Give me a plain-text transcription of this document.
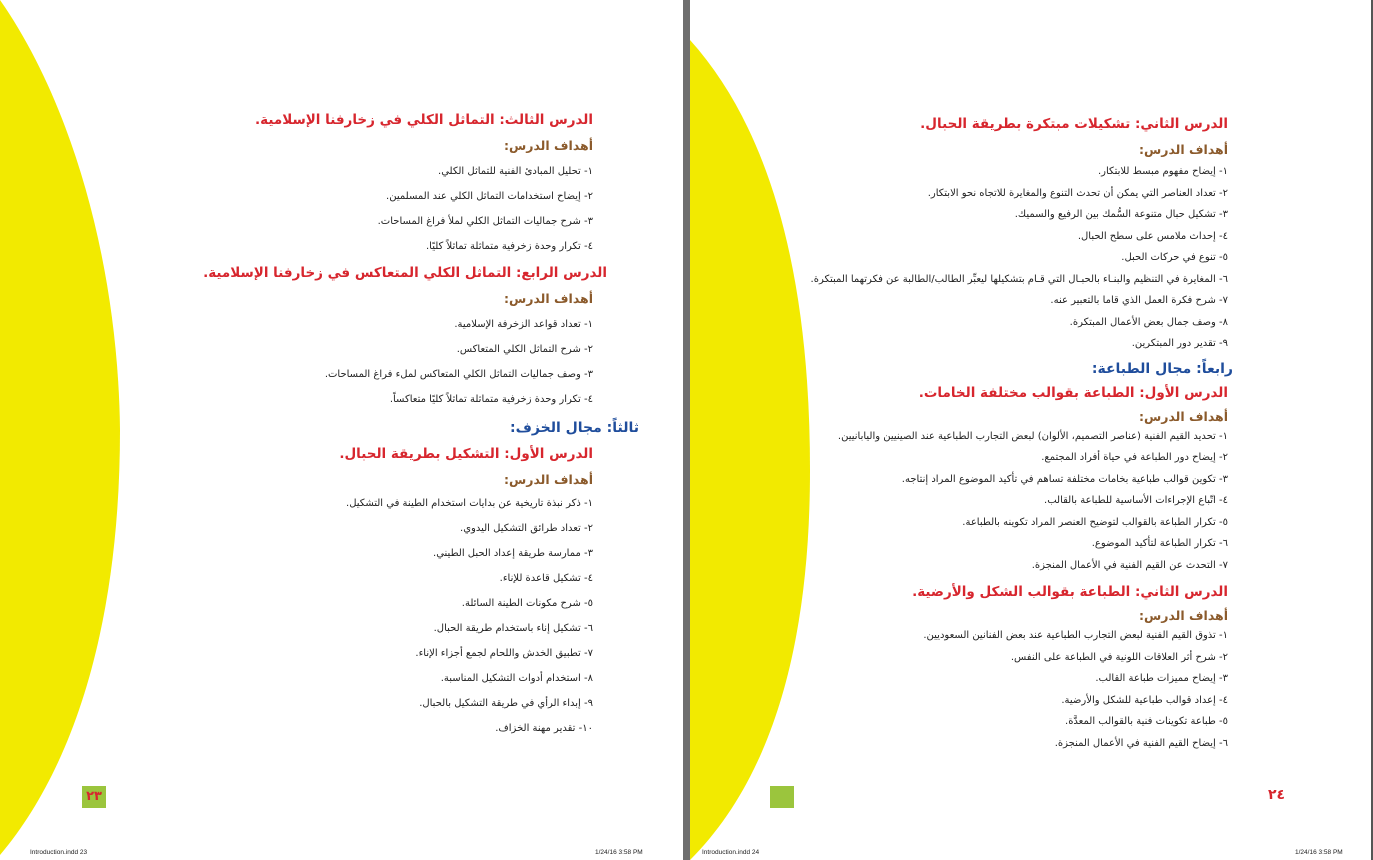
الدرس الثالث: التماثل الكلي في زخارفنا الإسلامية.
أهداف الدرس:
١- تحليل المبادئ الفنية للتماثل الكلي.
٢- إيضاح استخدامات التماثل الكلي عند المسلمين.
٣- شرح جماليات التماثل الكلي لملأ فراغ المساحات.
٤- تكرار وحدة زخرفية متماثلة تماثلاً كليًا.
الدرس الرابع: التماثل الكلي المتعاكس في زخارفنا الإسلامية.
أهداف الدرس:
١- تعداد قواعد الزخرفة الإسلامية.
٢- شرح التماثل الكلي المتعاكس.
٣- وصف جماليات التماثل الكلي المتعاكس لملء فراغ المساحات.
٤- تكرار وحدة زخرفية متماثلة تماثلاً كليًا متعاكساً.
ثالثاً: مجال الخزف:
الدرس الأول: التشكيل بطريقة الحبال.
أهداف الدرس:
١- ذكر نبذة تاريخية عن بدايات استخدام الطينة في التشكيل.
٢- تعداد طرائق التشكيل اليدوي.
٣- ممارسة طريقة إعداد الحبل الطيني.
٤- تشكيل قاعدة للإناء.
٥- شرح مكونات الطينة السائلة.
٦- تشكيل إناء باستخدام طريقة الحبال.
٧- تطبيق الخدش واللحام لجمع أجزاء الإناء.
٨- استخدام أدوات التشكيل المناسبة.
٩- إبداء الرأي في طريقة التشكيل بالحبال.
١٠- تقدير مهنة الخزاف.
٢٣
Introduction.indd 23	1/24/16 3:58 PM
الدرس الثاني: تشكيلات مبتكرة بطريقة الحبال.
أهداف الدرس:
١- إيضاح مفهوم مبسط للابتكار.
٢- تعداد العناصر التي يمكن أن تحدث التنوع والمغايرة للاتجاه نحو الابتكار.
٣- تشكيل حبال متنوعة السُّمك بين الرفيع والسميك.
٤- إحداث ملامس على سطح الحبال.
٥- تنوع في حركات الحبل.
٦- المغايرة في التنظيم والبنـاء بالحبـال التي قـام بتشكيلها ليعبِّر الطالب/الطالبة عن فكرتهما المبتكرة.
٧- شرح فكرة العمل الذي قاما بالتعبير عنه.
٨- وصف جمال بعض الأعمال المبتكرة.
٩- تقدير دور المبتكرين.
رابعاً: مجال الطباعة:
الدرس الأول: الطباعة بقوالب مختلفة الخامات.
أهداف الدرس:
١- تحديد القيم الفنية (عناصر التصميم، الألوان) لبعض التجارب الطباعية عند الصينيين واليابانيين.
٢- إيضاح دور الطباعة في حياة أفراد المجتمع.
٣- تكوين قوالب طباعية بخامات مختلفة تساهم في تأكيد الموضوع المراد إنتاجه.
٤- اتّباع الإجراءات الأساسية للطباعة بالقالب.
٥- تكرار الطباعة بالقوالب لتوضيح العنصر المراد تكوينه بالطباعة.
٦- تكرار الطباعة لتأكيد الموضوع.
٧- التحدث عن القيم الفنية في الأعمال المنجزة.
الدرس الثاني: الطباعة بقوالب الشكل والأرضية.
أهداف الدرس:
١- تذوق القيم الفنية لبعض التجارب الطباعية عند بعض الفنانين السعوديين.
٢- شرح أثر العلاقات اللونية في الطباعة على النفس.
٣- إيضاح مميزات طباعة القالب.
٤- إعداد قوالب طباعية للشكل والأرضية.
٥- طباعة تكوينات فنية بالقوالب المعدَّة.
٦- إيضاح القيم الفنية في الأعمال المنجزة.
٢٤
Introduction.indd 24	1/24/16 3:58 PM
